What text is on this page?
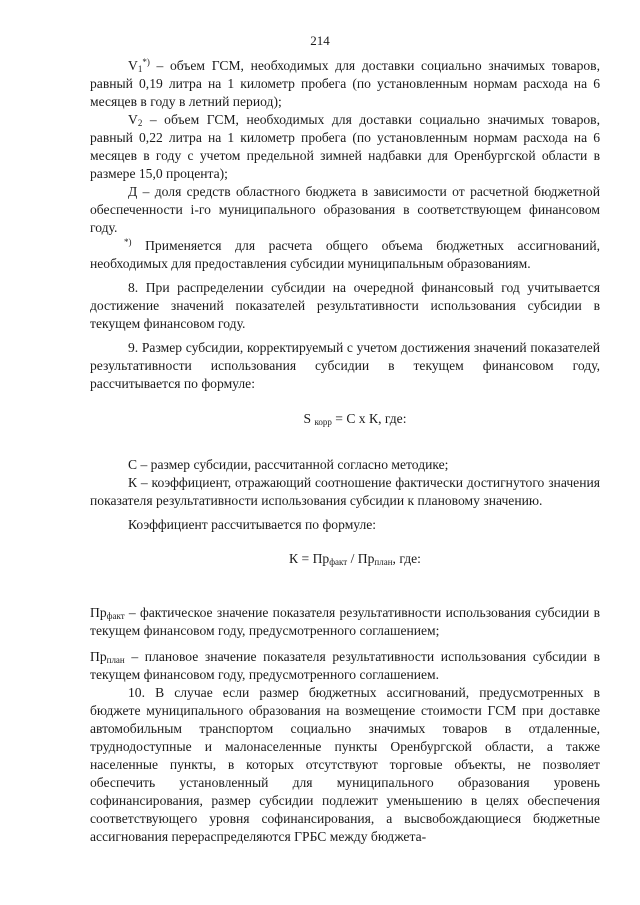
214

$V_1^{*)}$ – объем ГСМ, необходимых для доставки социально значимых товаров, равный 0,19 литра на 1 километр пробега (по установленным нормам расхода на 6 месяцев в году в летний период);

$V_2$ – объем ГСМ, необходимых для доставки социально значимых товаров, равный 0,22 литра на 1 километр пробега (по установленным нормам расхода на 6 месяцев в году с учетом предельной зимней надбавки для Оренбургской области в размере 15,0 процента);

Д – доля средств областного бюджета в зависимости от расчетной бюджетной обеспеченности i-го муниципального образования в соответствующем финансовом году.

*) Применяется для расчета общего объема бюджетных ассигнований, необходимых для предоставления субсидии муниципальным образованиям.

8. При распределении субсидии на очередной финансовый год учитывается достижение значений показателей результативности использования субсидии в текущем финансовом году.

9. Размер субсидии, корректируемый с учетом достижения значений показателей результативности использования субсидии в текущем финансовом году, рассчитывается по формуле:

S $_{корр}$ = С х К, где:

С – размер субсидии, рассчитанной согласно методике;

К – коэффициент, отражающий соотношение фактически достигнутого значения показателя результативности использования субсидии к плановому значению.

Коэффициент рассчитывается по формуле:

$К = Пр_{факт} / Пр_{план}$, где:

$Пр_{факт}$ – фактическое значение показателя результативности использования субсидии в текущем финансовом году, предусмотренного соглашением;

$Пр_{план}$ – плановое значение показателя результативности использования субсидии в текущем финансовом году, предусмотренного соглашением.

10. В случае если размер бюджетных ассигнований, предусмотренных в бюджете муниципального образования на возмещение стоимости ГСМ при доставке автомобильным транспортом социально значимых товаров в отдаленные, труднодоступные и малонаселенные пункты Оренбургской области, а также населенные пункты, в которых отсутствуют торговые объекты, не позволяет обеспечить установленный для муниципального образования уровень софинансирования, размер субсидии подлежит уменьшению в целях обеспечения соответствующего уровня софинансирования, а высвобождающиеся бюджетные ассигнования перераспределяются ГРБС между бюджета-
